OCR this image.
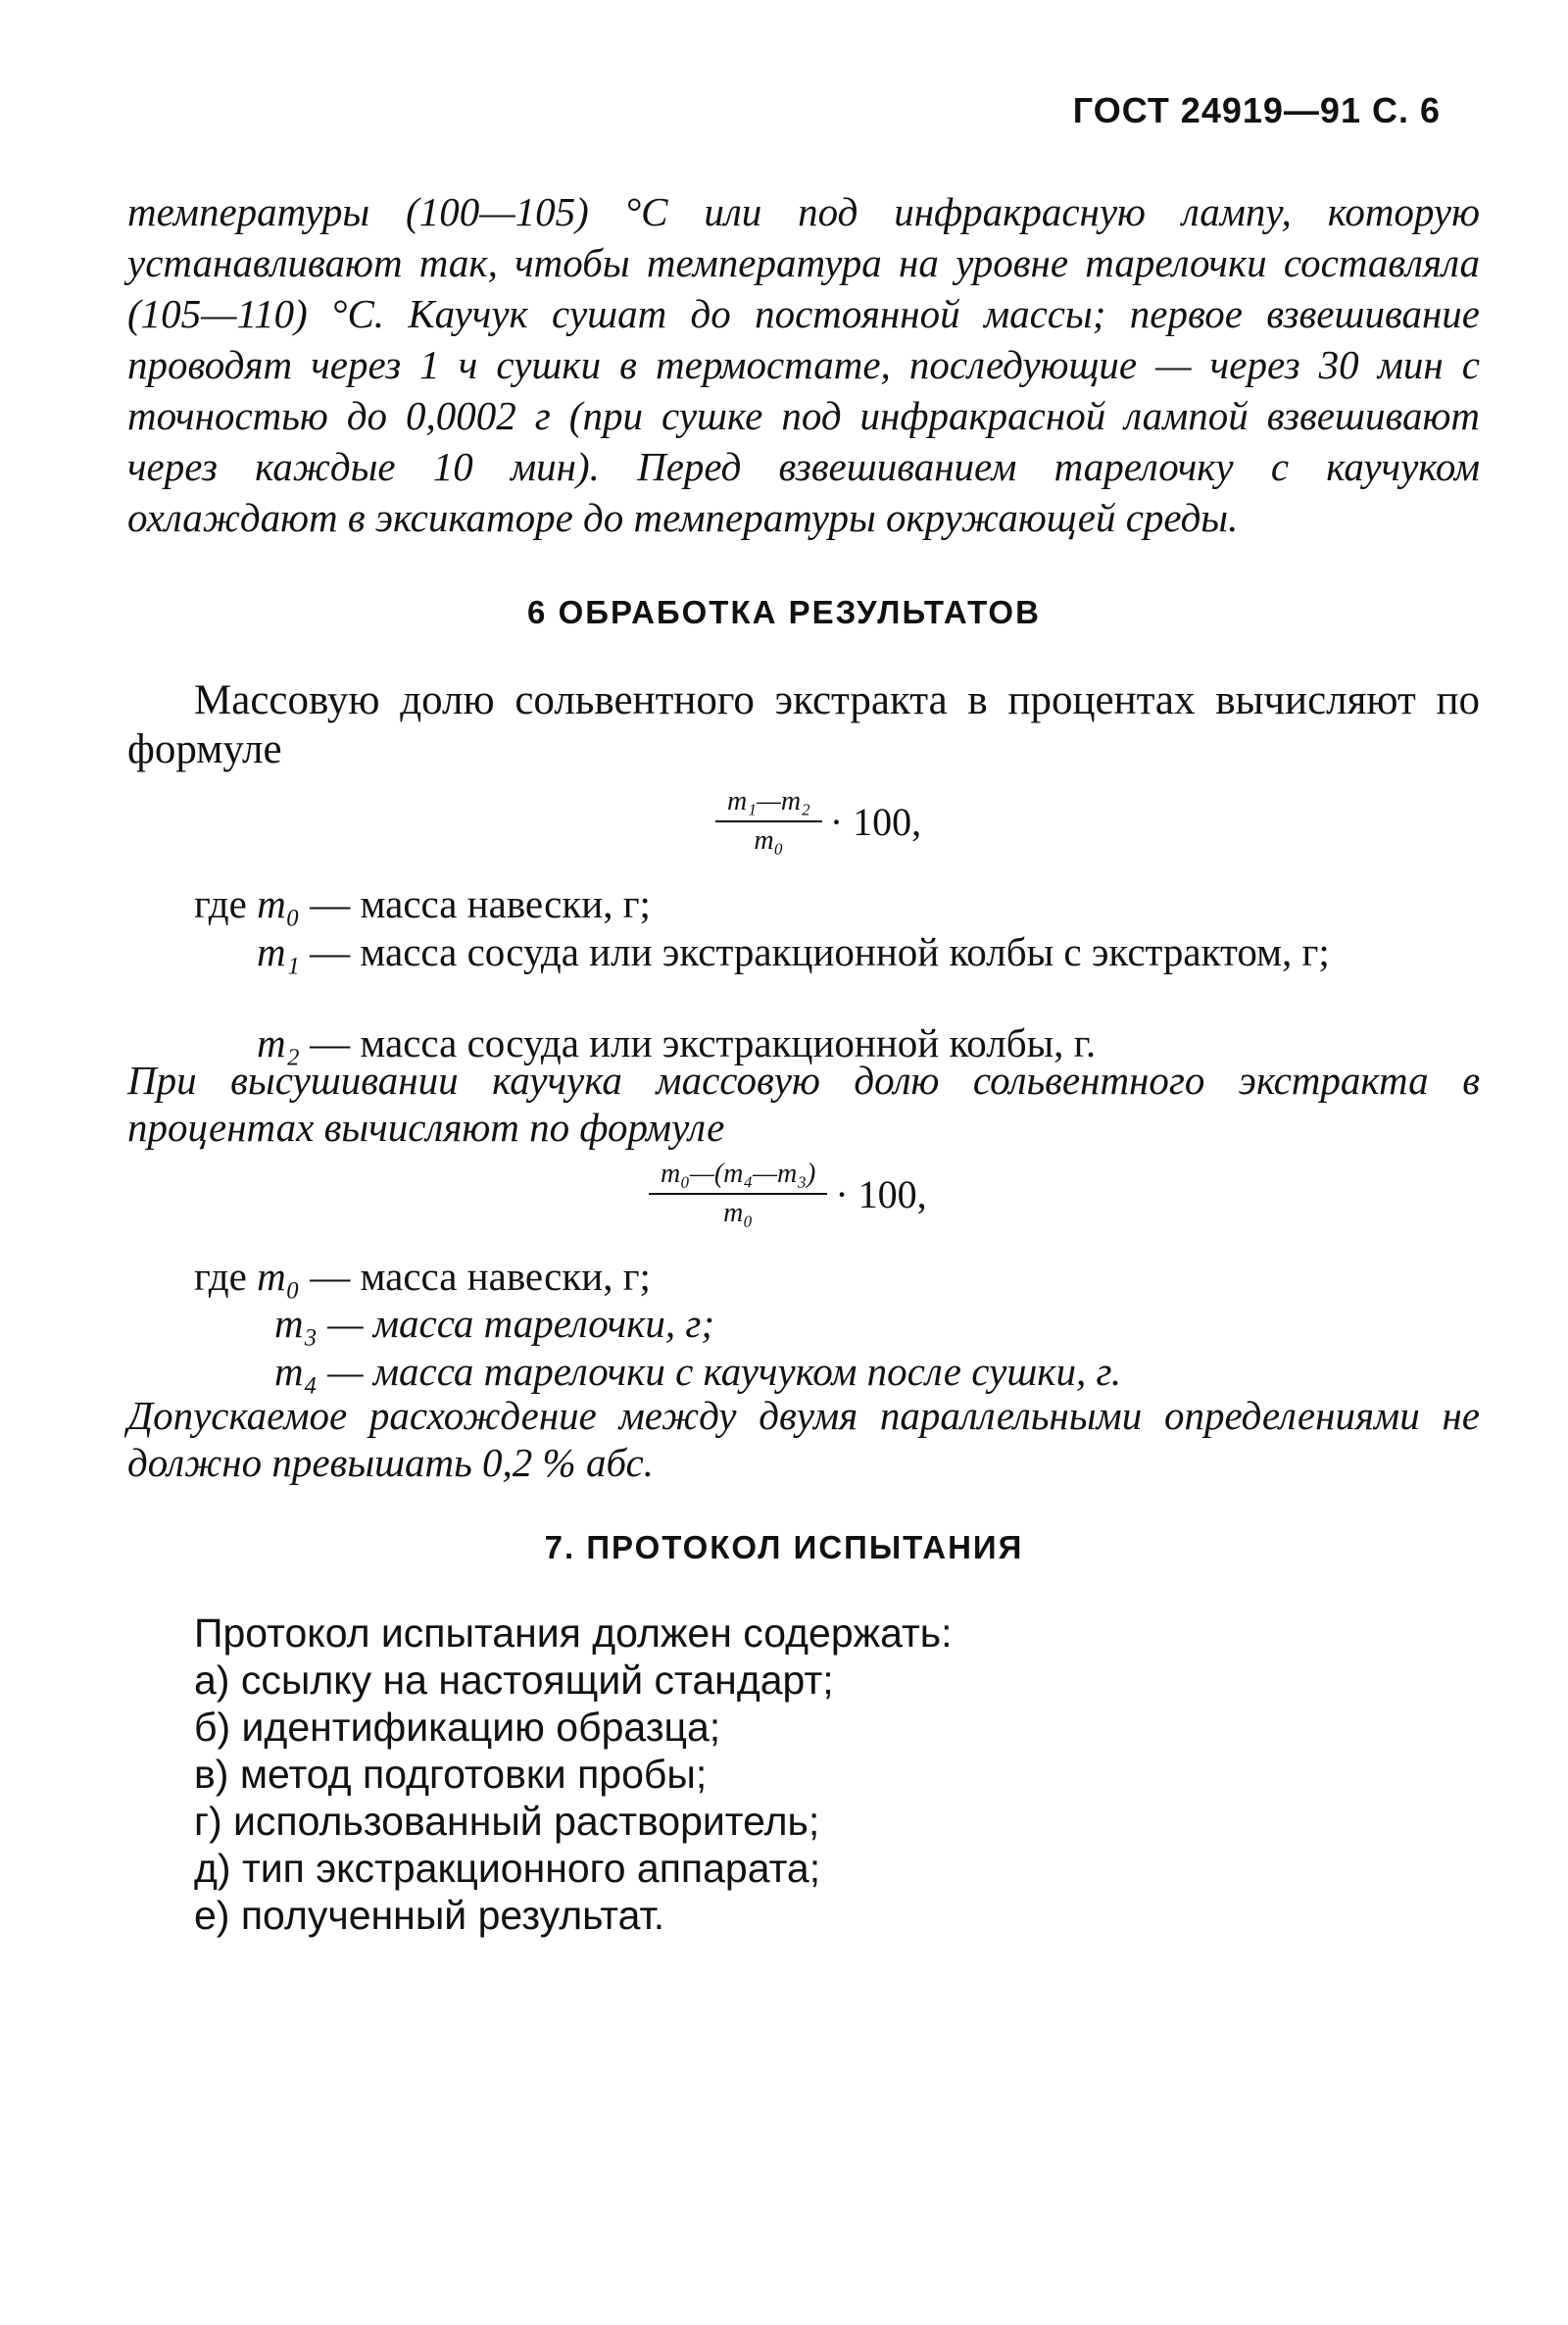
ГОСТ 24919—91 С. 6
температуры (100—105) °С или под инфракрасную лампу, которую устанавливают так, чтобы температура на уровне тарелочки составляла (105—110) °С. Каучук сушат до постоянной массы; первое взвешивание проводят через 1 ч сушки в термостате, последующие — через 30 мин с точностью до 0,0002 г (при сушке под инфракрасной лампой взвешивают через каждые 10 мин). Перед взвешиванием тарелочку с каучуком охлаждают в эксикаторе до температуры окружающей среды.
6 ОБРАБОТКА РЕЗУЛЬТАТОВ
Массовую долю сольвентного экстракта в процентах вычисляют по формуле
$\frac{\text{m₁—m₂}}{\text{m₀}} \cdot 100$,
где m₀ — масса навески, г;
m₁ — масса сосуда или экстракционной колбы с экстрактом, г;
m₂ — масса сосуда или экстракционной колбы, г.
При высушивании каучука массовую долю сольвентного экстракта в процентах вычисляют по формуле
$\frac{\text{m₀—(m₄—m₃)}}{\text{m₀}} \cdot 100$,
где m₀ — масса навески, г;
m₃ — масса тарелочки, г;
m₄ — масса тарелочки с каучуком после сушки, г.
Допускаемое расхождение между двумя параллельными определениями не должно превышать 0,2 % абс.
7. ПРОТОКОЛ ИСПЫТАНИЯ
Протокол испытания должен содержать:
а) ссылку на настоящий стандарт;
б) идентификацию образца;
в) метод подготовки пробы;
г) использованный растворитель;
д) тип экстракционного аппарата;
е) полученный результат.
